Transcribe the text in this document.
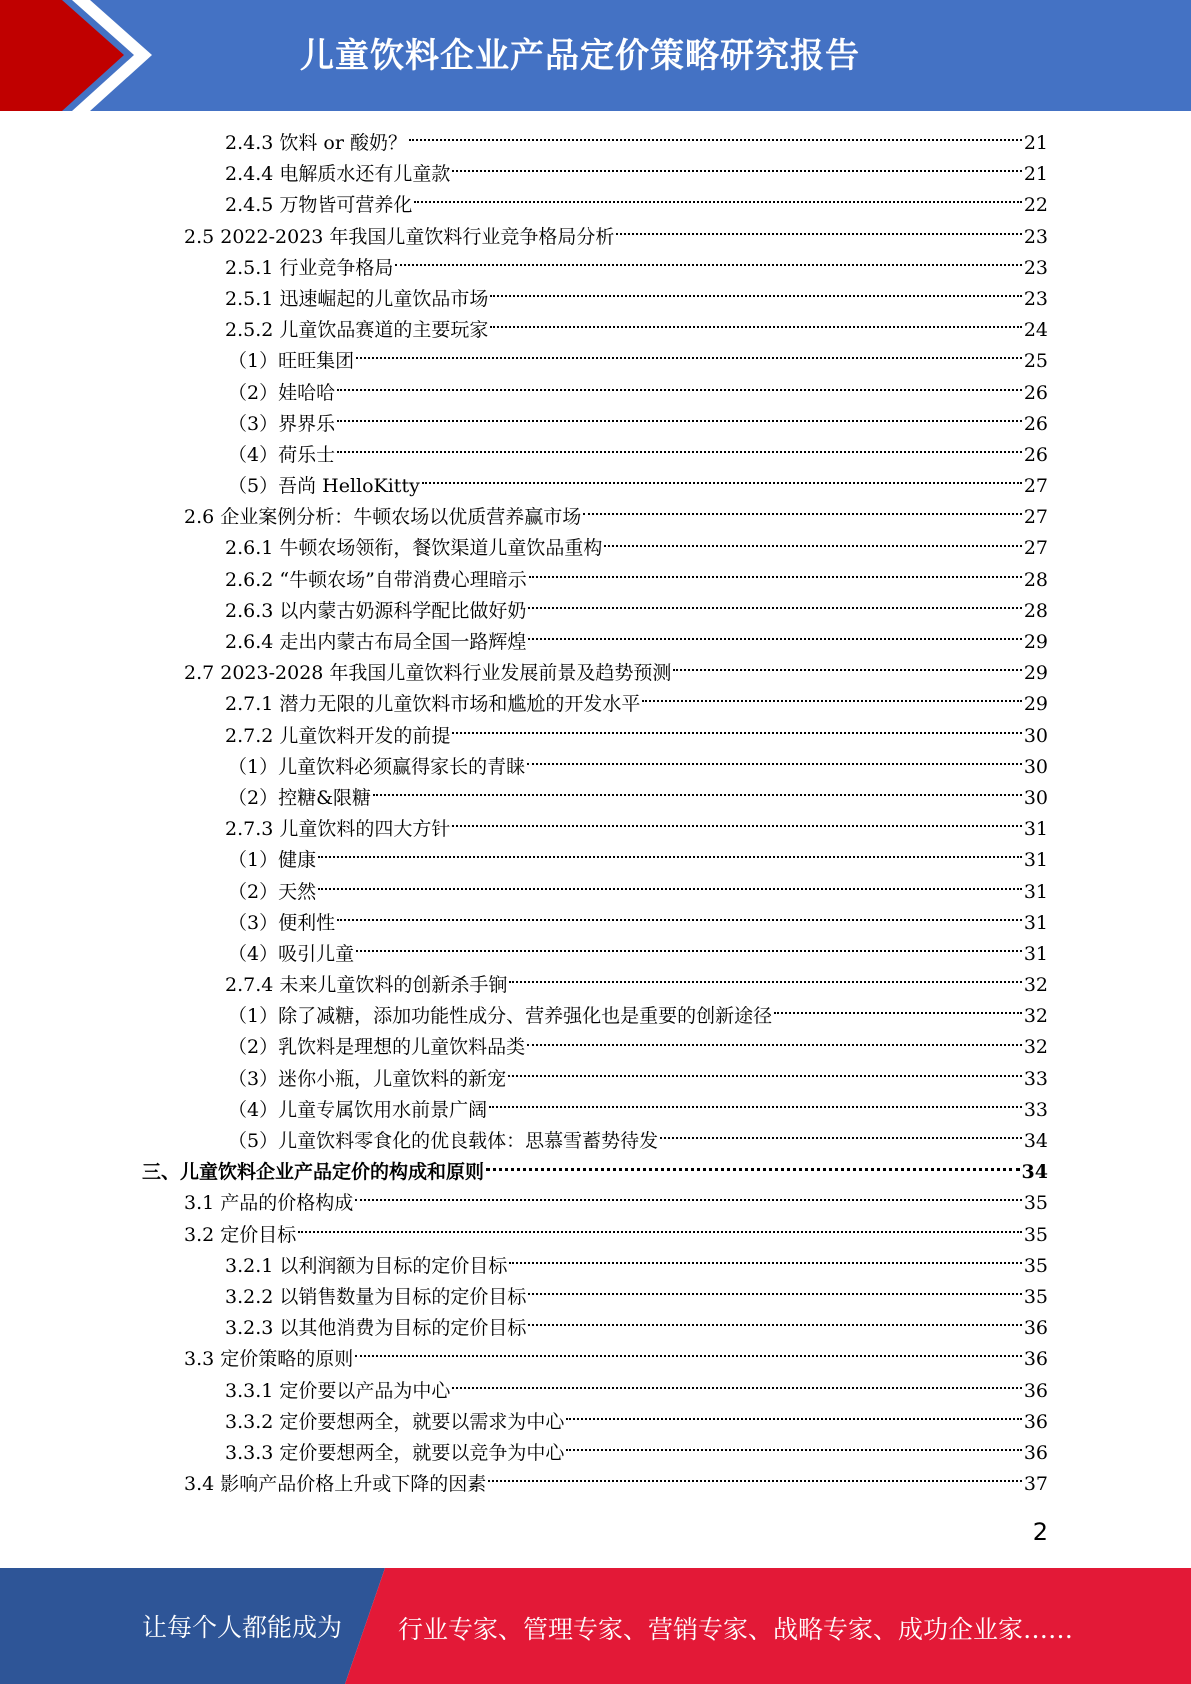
儿童饮料企业产品定价策略研究报告
2.4.3 饮料 or 酸奶？	21
2.4.4 电解质水还有儿童款	21
2.4.5 万物皆可营养化	22
2.5 2022-2023 年我国儿童饮料行业竞争格局分析	23
2.5.1 行业竞争格局	23
2.5.1 迅速崛起的儿童饮品市场	23
2.5.2 儿童饮品赛道的主要玩家	24
（1）旺旺集团	25
（2）娃哈哈	26
（3）界界乐	26
（4）荷乐士	26
（5）吾尚 HelloKitty	27
2.6 企业案例分析：牛顿农场以优质营养赢市场	27
2.6.1 牛顿农场领衔，餐饮渠道儿童饮品重构	27
2.6.2 “牛顿农场”自带消费心理暗示	28
2.6.3 以内蒙古奶源科学配比做好奶	28
2.6.4 走出内蒙古布局全国一路辉煌	29
2.7 2023-2028 年我国儿童饮料行业发展前景及趋势预测	29
2.7.1 潜力无限的儿童饮料市场和尴尬的开发水平	29
2.7.2 儿童饮料开发的前提	30
（1）儿童饮料必须赢得家长的青睐	30
（2）控糖&限糖	30
2.7.3 儿童饮料的四大方针	31
（1）健康	31
（2）天然	31
（3）便利性	31
（4）吸引儿童	31
2.7.4 未来儿童饮料的创新杀手锏	32
（1）除了减糖，添加功能性成分、营养强化也是重要的创新途径	32
（2）乳饮料是理想的儿童饮料品类	32
（3）迷你小瓶，儿童饮料的新宠	33
（4）儿童专属饮用水前景广阔	33
（5）儿童饮料零食化的优良载体：思慕雪蓄势待发	34
三、儿童饮料企业产品定价的构成和原则	34
3.1 产品的价格构成	35
3.2 定价目标	35
3.2.1 以利润额为目标的定价目标	35
3.2.2 以销售数量为目标的定价目标	35
3.2.3 以其他消费为目标的定价目标	36
3.3 定价策略的原则	36
3.3.1 定价要以产品为中心	36
3.3.2 定价要想两全，就要以需求为中心	36
3.3.3 定价要想两全，就要以竞争为中心	36
3.4 影响产品价格上升或下降的因素	37
2
让每个人都能成为 行业专家、管理专家、营销专家、战略专家、成功企业家……
